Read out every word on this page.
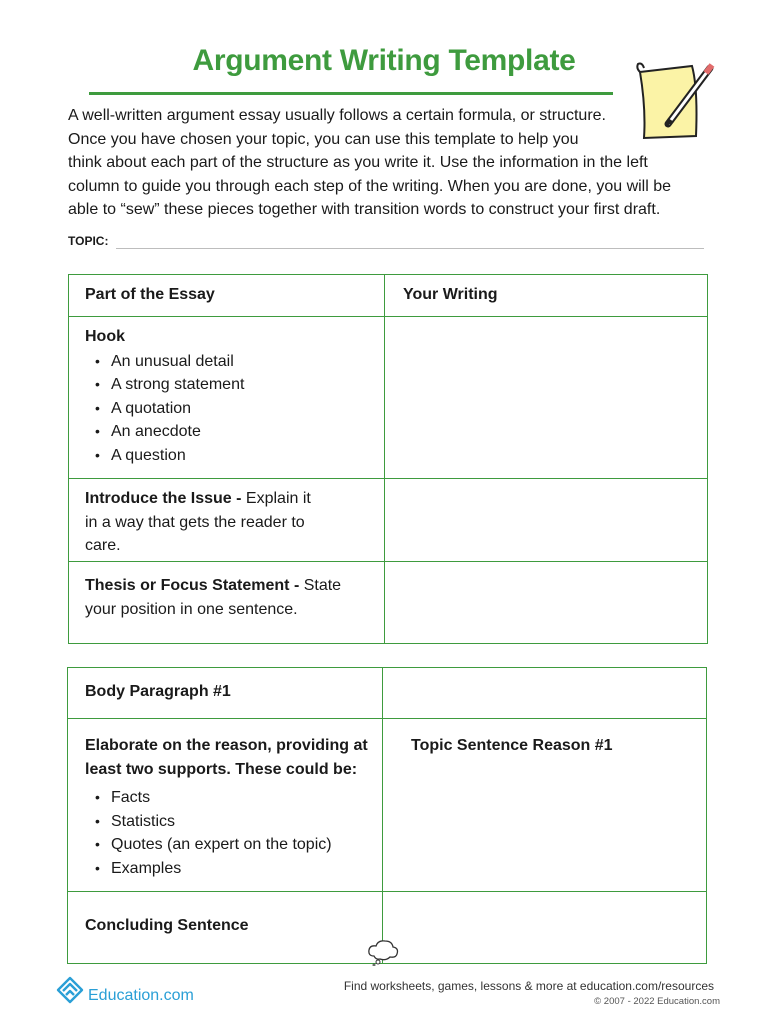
Argument Writing Template
A well-written argument essay usually follows a certain formula, or structure.
Once you have chosen your topic, you can use this template to help you
think about each part of the structure as you write it. Use the information in the left
column to guide you through each step of the writing. When you are done, you will be
able to “sew” these pieces together with transition words to construct your first draft.
TOPIC:
Part of the Essay	Your Writing
Hook
• An unusual detail
• A strong statement
• A quotation
• An anecdote
• A question
Introduce the Issue - Explain it
in a way that gets the reader to
care.
Thesis or Focus Statement - State
your position in one sentence.
Body Paragraph #1
Elaborate on the reason, providing at
least two supports. These could be:
• Facts
• Statistics
• Quotes (an expert on the topic)
• Examples
Topic Sentence Reason #1
Concluding Sentence
Education.com
Find worksheets, games, lessons & more at education.com/resources
© 2007 - 2022 Education.com
